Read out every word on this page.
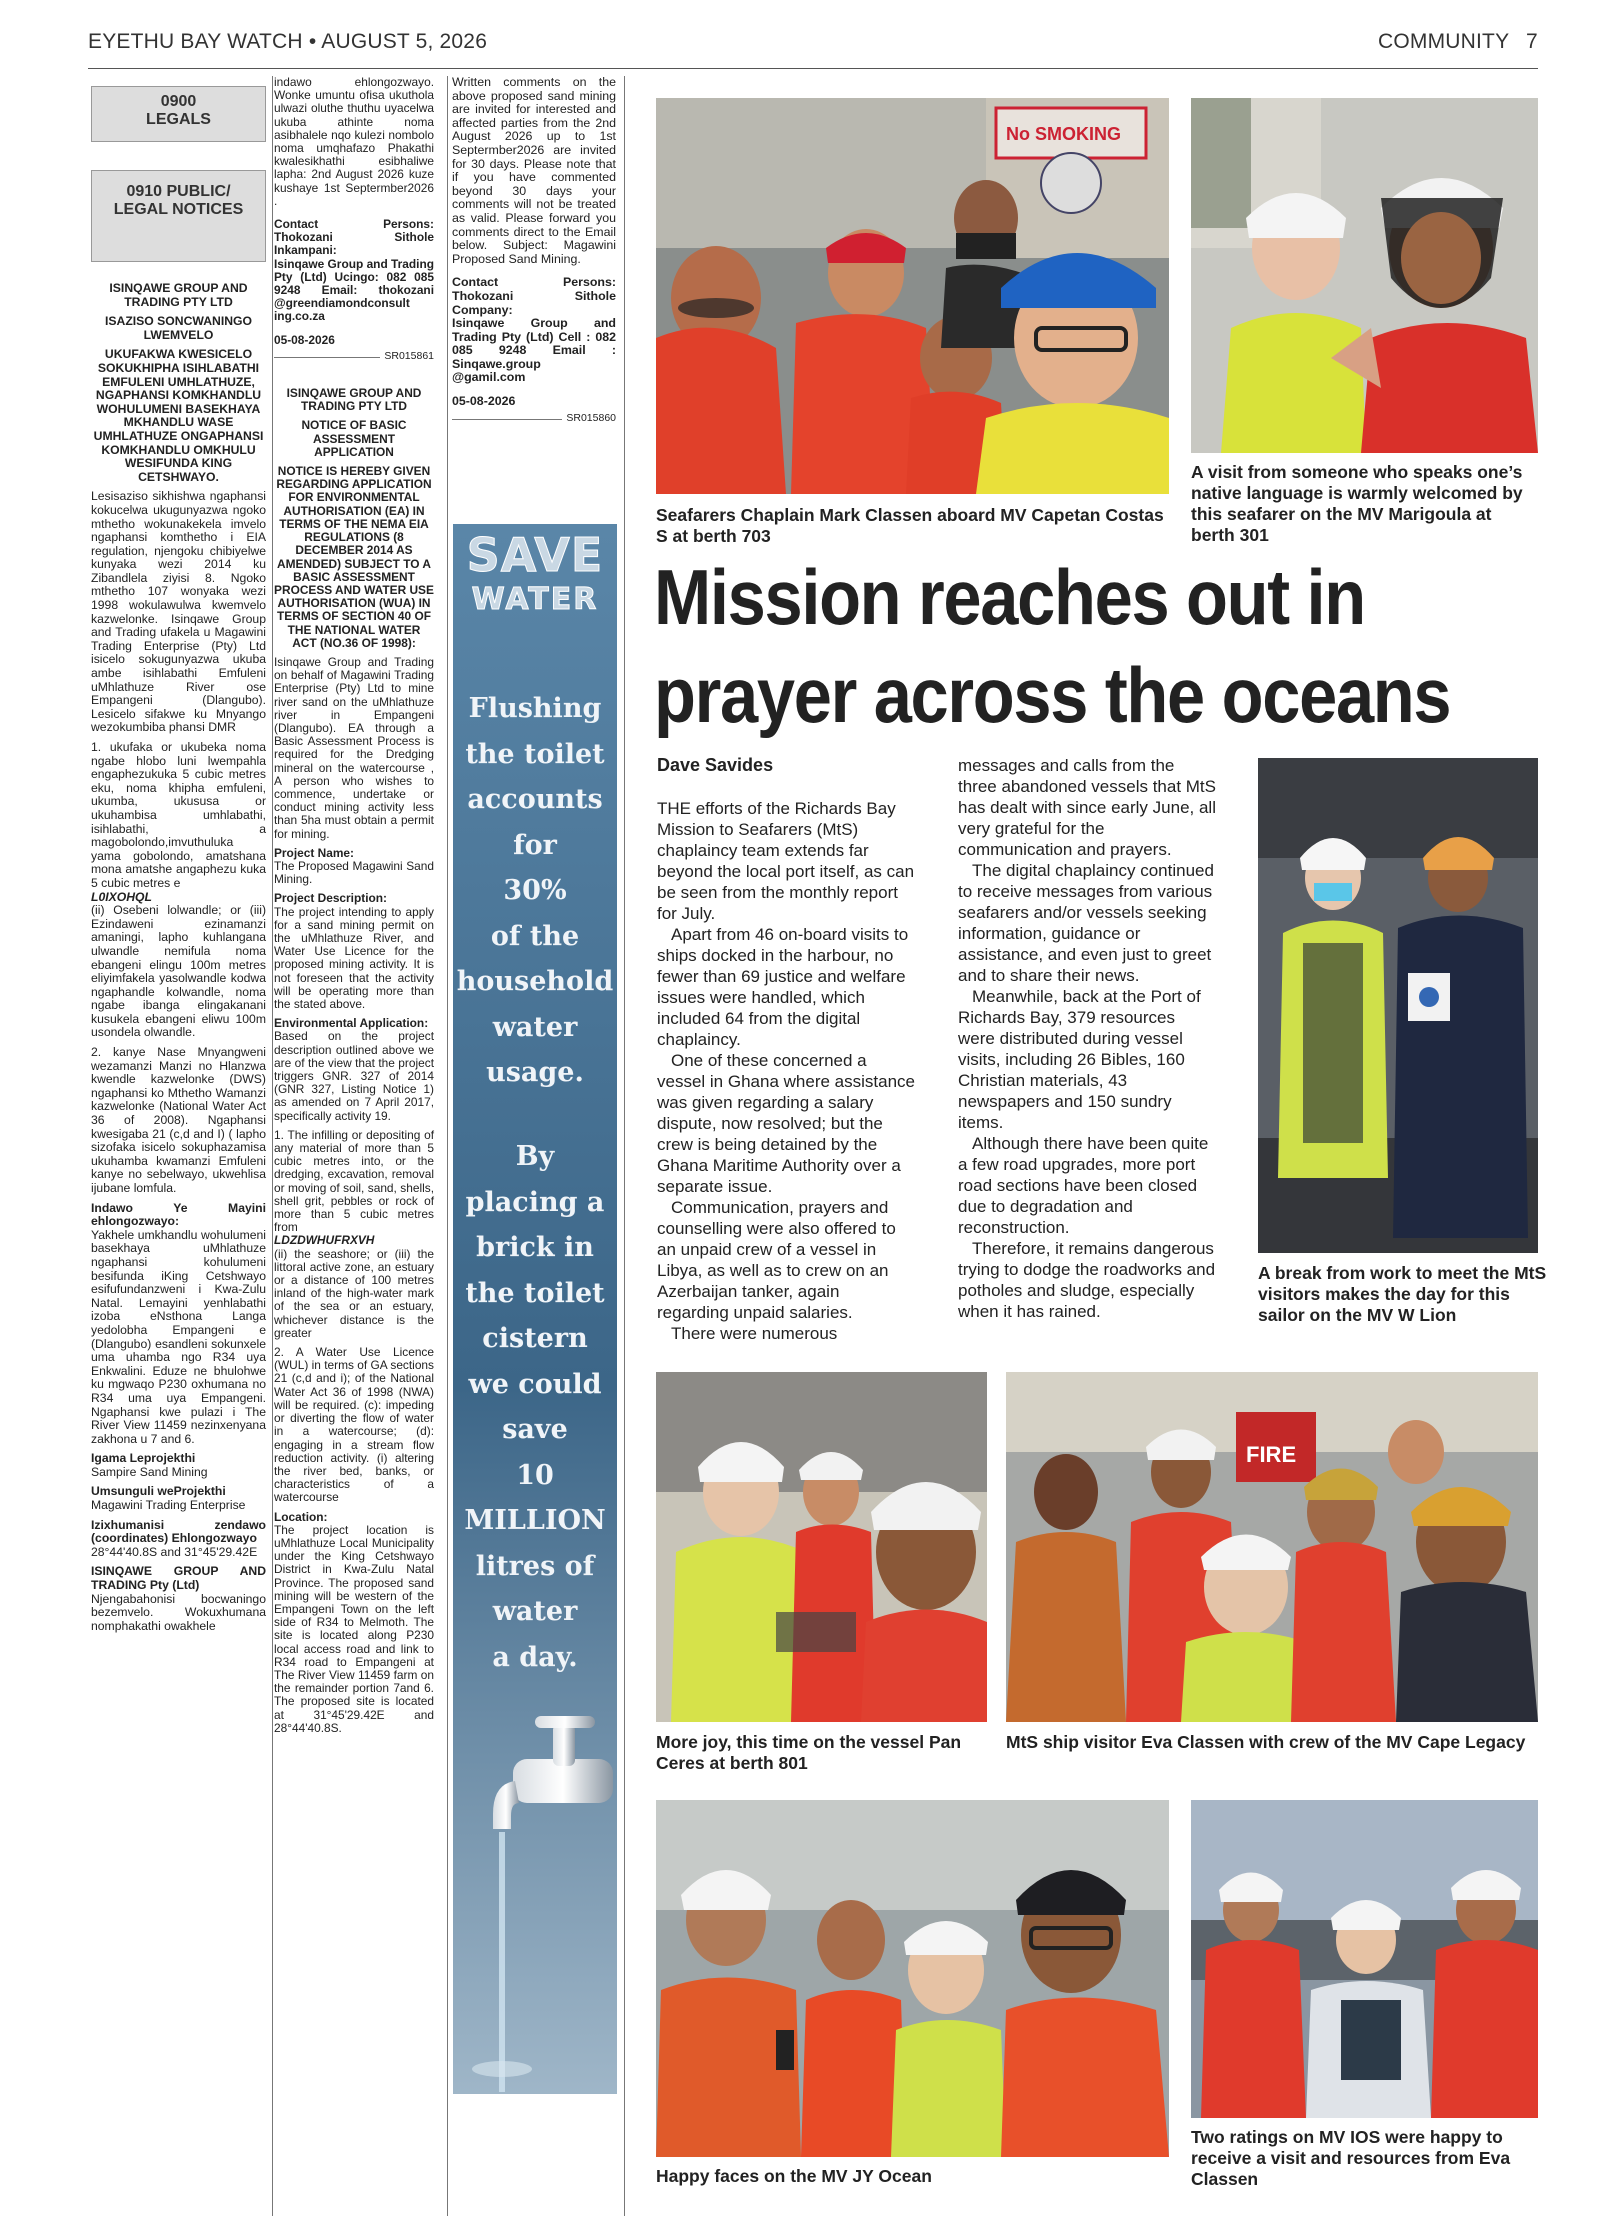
EYETHU BAY WATCH • AUGUST 5, 2026	COMMUNITY 7
0900 LEGALS
0910 PUBLIC/ LEGAL NOTICES
ISINQAWE GROUP AND TRADING PTY LTD
ISAZISO SONCWANINGO LWEMVELO
UKUFAKWA KWESICELO SOKUKHIPHA ISIHLABATHI EMFULENI UMHLATHUZE, NGAPHANSI KOMKHANDLU WOHULUMENI BASEKHAYA MKHANDLU WASE UMHLATHUZE ONGAPHANSI KOMKHANDLU OMKHULU WESIFUNDA KING CETSHWAYO.

Lesisaziso sikhishwa ngaphansi kokucelwa ukugunyazwa ngoko mthetho wokunakekela imvelo ngaphansi komthetho i EIA regulation, njengoku chibiyelwe kunyaka wezi 2014 ku Zibandlela ziyisi 8. Ngoko mthetho 107 wonyaka wezi 1998 wokulawulwa kwemvelo kazwelonke. Isinqawe Group and Trading ufakela u Magawini Trading Enterprise (Pty) Ltd isicelo sokugunyazwa ukuba ambe isihlabathi Emfuleni uMhlathuze River ose Empangeni (Dlangubo). Lesicelo sifakwe ku Mnyango wezokumbiba phansi DMR

1. ukufaka or ukubeka noma ngabe hlobo luni lwempahla engaphezukuka 5 cubic metres eku, noma khipha emfuleni, ukumba, ukususa or ukuhambisa umhlabathi, isihlabathi, a magobolondo,imvuthuluka yama gobolondo, amatshana mona amatshe angaphezu kuka 5 cubic metres e

L0IXOHQL

(ii) Osebeni lolwandle; or (iii) Ezindaweni ezinamanzi amaningi, lapho kuhlangana ulwandle nemifula noma ebangeni elingu 100m metres eliyimfakela yasolwandle kodwa ngaphandle kolwandle, noma ngabe ibanga elingakanani kusukela ebangeni eliwu 100m usondela olwandle.

2. kanye Nase Mnyangweni wezamanzi Manzi no Hlanzwa kwendle kazwelonke (DWS) ngaphansi ko Mthetho Wamanzi kazwelonke (National Water Act 36 of 2008). Ngaphansi kwesigaba 21 (c,d and I) ( lapho sizofaka isicelo sokuphazamisa ukuhamba kwamanzi Emfuleni kanye no sebelwayo, ukwehlisa ijubane lomfula.

Indawo Ye Mayini ehlongozwayo:

Yakhele umkhandlu wohulumeni basekhaya uMhlathuze ngaphansi kohulumeni besifunda iKing Cetshwayo esifufundanzweni i Kwa-Zulu Natal. Lemayini yenhlabathi izoba eNsthona Langa yedolobha Empangeni e (Dlangubo) esandleni sokunxele uma uhamba ngo R34 uya Enkwalini. Eduze ne bhulohwe ku mgwaqo P230 oxhumana no R34 uma uya Empangeni. Ngaphansi kwe pulazi i The River View 11459 nezinxenyana zakhona u 7 and 6.

Igama Leprojekthi

Sampire Sand Mining

Umsunguli weProjekthi

Magawini Trading Enterprise

Izixhumanisi zendawo (coordinates) Ehlongozwayo

28°44'40.8S and 31°45'29.42E

ISINQAWE GROUP AND TRADING Pty (Ltd)

Njengabahonisi bocwaningo bezemvelo. Wokuxhumana nomphakathi owakhele

indawo ehlongozwayo. Wonke umuntu ofisa ukuthola ulwazi oluthe thuthu uyacelwa ukuba athinte noma asibhalele nqo kulezi nombolo noma umqhafazo Phakathi kwalesikhathi esibhaliwe lapha: 2nd August 2026 kuze kushaye 1st Septermber2026 .

Contact Persons: Thokozani Sithole Inkampani:

Isinqawe Group and Trading Pty (Ltd) Ucingo: 082 085 9248 Email: thokozani @greendiamondconsult ing.co.za

05-08-2026

SR015861
ISINQAWE GROUP AND TRADING PTY LTD
NOTICE OF BASIC ASSESSMENT APPLICATION
NOTICE IS HEREBY GIVEN REGARDING APPLICATION FOR ENVIRONMENTAL AUTHORISATION (EA) IN TERMS OF THE NEMA EIA REGULATIONS (8 DECEMBER 2014 AS AMENDED) SUBJECT TO A BASIC ASSESSMENT PROCESS AND WATER USE AUTHORISATION (WUA) IN TERMS OF SECTION 40 OF THE NATIONAL WATER ACT (NO.36 OF 1998):

Isinqawe Group and Trading on behalf of Magawini Trading Enterprise (Pty) Ltd to mine river sand on the uMhlathuze river in Empangeni (Dlangubo). EA through a Basic Assessment Process is required for the Dredging mineral on the watercourse , A person who wishes to commence, undertake or conduct mining activity less than 5ha must obtain a permit for mining.

Project Name:

The Proposed Magawini Sand Mining.

Project Description:

The project intending to apply for a sand mining permit on the uMhlathuze River, and Water Use Licence for the proposed mining activity. It is not foreseen that the activity will be operating more than the stated above.

Environmental Application:

Based on the project description outlined above we are of the view that the project triggers GNR. 327 of 2014 (GNR 327, Listing Notice 1) as amended on 7 April 2017, specifically activity 19.

1. The infilling or depositing of any material of more than 5 cubic metres into, or the dredging, excavation, removal or moving of soil, sand, shells, shell grit, pebbles or rock of more than 5 cubic metres from

LDZDWHUFRXVH

(ii) the seashore; or (iii) the littoral active zone, an estuary or a distance of 100 metres inland of the high-water mark of the sea or an estuary, whichever distance is the greater

2. A Water Use Licence (WUL) in terms of GA sections 21 (c,d and i); of the National Water Act 36 of 1998 (NWA) will be required. (c): impeding or diverting the flow of water in a watercourse; (d): engaging in a stream flow reduction activity. (i) altering the river bed, banks, or characteristics of a watercourse

Location:

The project location is uMhlathuze Local Municipality under the King Cetshwayo District in Kwa-Zulu Natal Province. The proposed sand mining will be western of the Empangeni Town on the left side of R34 to Melmoth. The site is located along P230 local access road and link to R34 road to Empangeni at The River View 11459 farm on the remainder portion 7and 6. The proposed site is located at 31°45'29.42E and 28°44'40.8S.

Written comments on the above proposed sand mining are invited for interested and affected parties from the 2nd August 2026 up to 1st Septermber2026 are invited for 30 days. Please note that if you have commented beyond 30 days your comments will not be treated as valid. Please forward you comments direct to the Email below. Subject: Magawini Proposed Sand Mining.

Contact Persons: Thokozani Sithole Company:

Isinqawe Group and Trading Pty (Ltd) Cell : 082 085 9248 Email : Sinqawe.group @gamil.com

05-08-2026

SR015860
SAVE
WATER
Flushing
the toilet
accounts
for
30%
of the
household
water
usage.
By
placing a
brick in
the toilet
cistern
we could
save
10
MILLION
litres of
water
a day.
No SMOKING
Seafarers Chaplain Mark Classen aboard MV Capetan Costas S at berth 703
A visit from someone who speaks one’s native language is warmly welcomed by this seafarer on the MV Marigoula at berth 301
Mission reaches out in prayer across the oceans
Dave Savides

THE efforts of the Richards Bay Mission to Seafarers (MtS) chaplaincy team extends far beyond the local port itself, as can be seen from the monthly report for July.

Apart from 46 on-board visits to ships docked in the harbour, no fewer than 69 justice and welfare issues were handled, which included 64 from the digital chaplaincy.

One of these concerned a vessel in Ghana where assistance was given regarding a salary dispute, now resolved; but the crew is being detained by the Ghana Maritime Authority over a separate issue.

Communication, prayers and counselling were also offered to an unpaid crew of a vessel in Libya, as well as to crew on an Azerbaijan tanker, again regarding unpaid salaries.

There were numerous

messages and calls from the three abandoned vessels that MtS has dealt with since early June, all very grateful for the communication and prayers.

The digital chaplaincy continued to receive messages from various seafarers and/or vessels seeking information, guidance or assistance, and even just to greet and to share their news.

Meanwhile, back at the Port of Richards Bay, 379 resources were distributed during vessel visits, including 26 Bibles, 160 Christian materials, 43 newspapers and 150 sundry items.

Although there have been quite a few road upgrades, more port road sections have been closed due to degradation and reconstruction.

Therefore, it remains dangerous trying to dodge the roadworks and potholes and sludge, especially when it has rained.

A break from work to meet the MtS visitors makes the day for this sailor on the MV W Lion
More joy, this time on the vessel Pan Ceres at berth 801
FIRE
MtS ship visitor Eva Classen with crew of the MV Cape Legacy
Happy faces on the MV JY Ocean
Two ratings on MV IOS were happy to receive a visit and resources from Eva Classen
